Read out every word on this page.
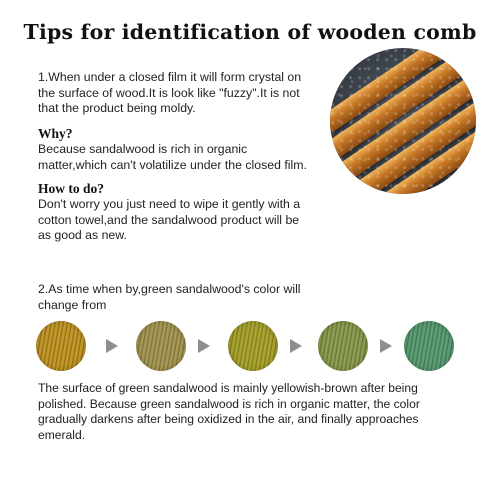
Tips for identification of wooden comb
1.When under a closed film it will form crystal on
the surface of wood.It is look like "fuzzy".It is not
that the product being moldy.
Why?
Because sandalwood is rich in organic
matter,which can't volatilize under the closed film.
How to do?
Don't worry you just need to wipe it gently with a
cotton towel,and the sandalwood product will be
as good as new.
2.As time when by,green sandalwood's color will
change from
The surface of green sandalwood is mainly yellowish-brown after being
polished. Because green sandalwood is rich in organic matter, the color
gradually darkens after being oxidized in the air, and finally approaches
emerald.
